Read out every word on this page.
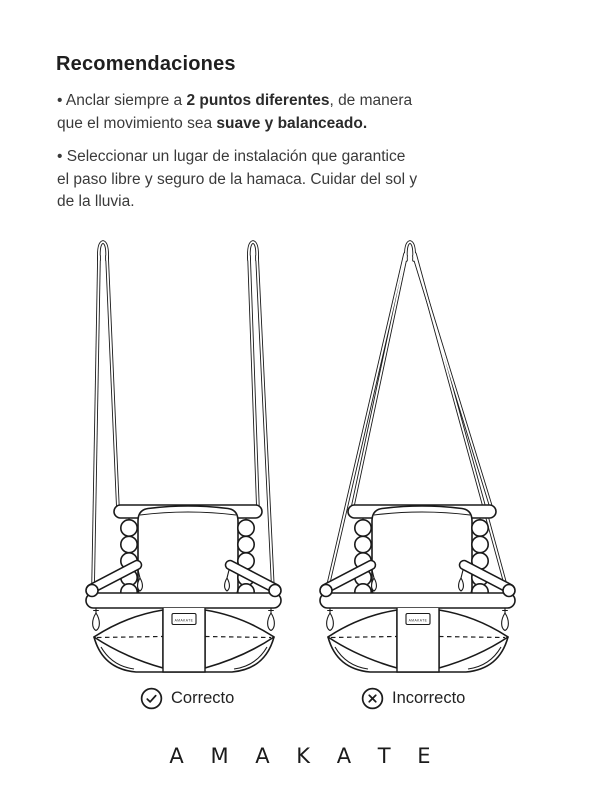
Recomendaciones
• Anclar siempre a 2 puntos diferentes, de manera
que el movimiento sea suave y balanceado.
• Seleccionar un lugar de instalación que garantice
el paso libre y seguro de la hamaca. Cuidar del sol y
de la lluvia.
Correcto	Incorrecto
A M A K A T E
